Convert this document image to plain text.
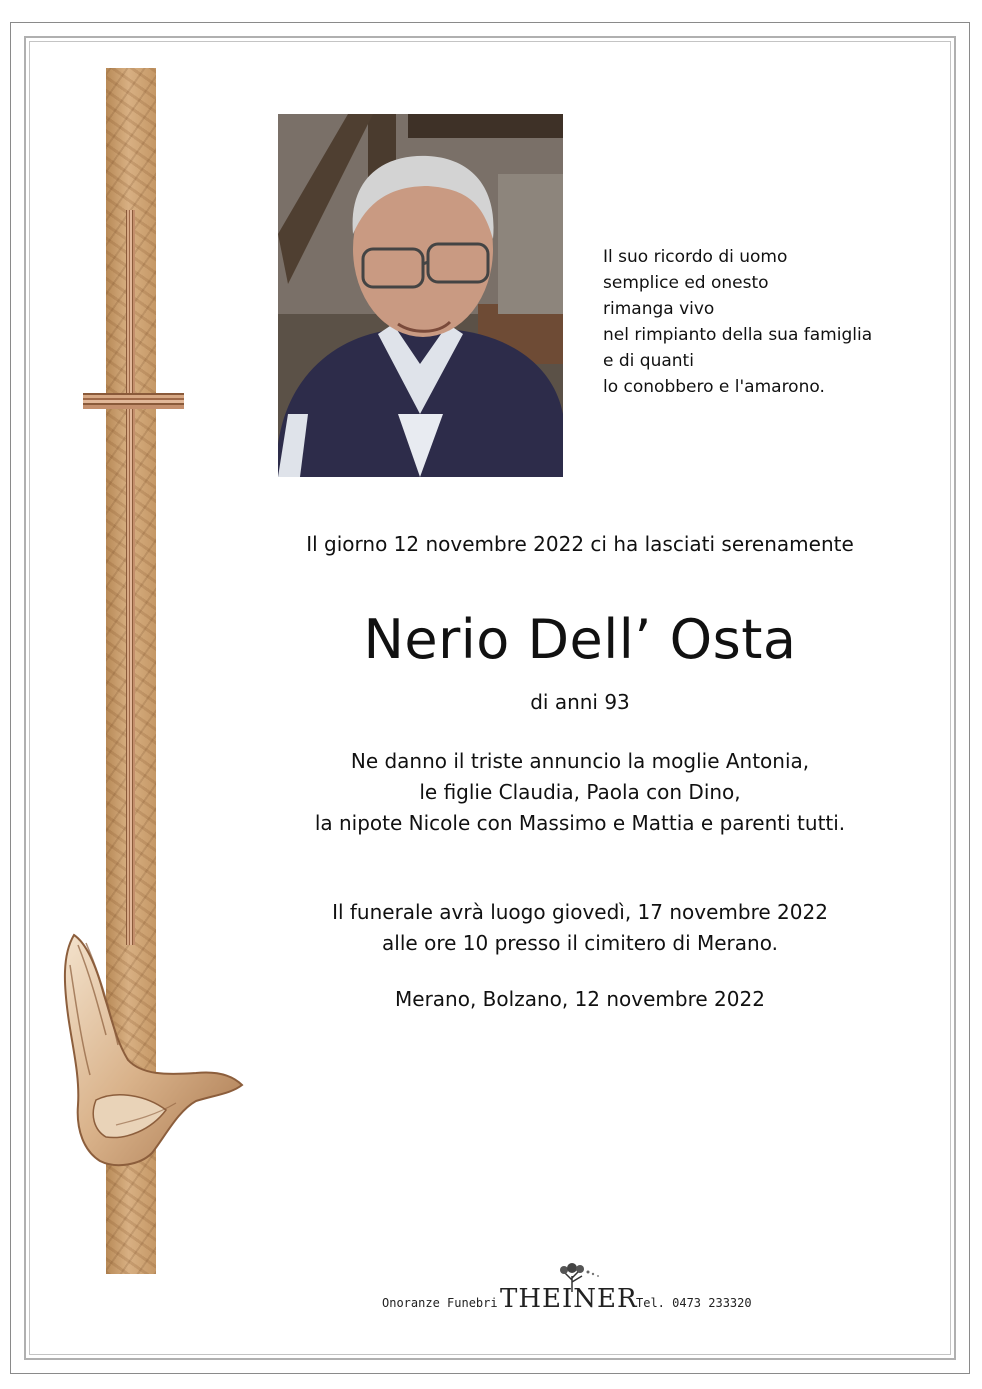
Il suo ricordo di uomo
semplice ed onesto
rimanga vivo
nel rimpianto della sua famiglia
e di quanti
lo conobbero e l'amarono.
Il giorno 12 novembre 2022 ci ha lasciati serenamente
Nerio Dell’ Osta
di anni 93
Ne danno il triste annuncio la moglie Antonia,
le figlie Claudia, Paola con Dino,
la nipote Nicole con Massimo e Mattia e parenti tutti.
Il funerale avrà luogo giovedì, 17 novembre 2022
alle ore 10 presso il cimitero di Merano.
Merano, Bolzano, 12 novembre 2022
Onoranze Funebri THEINER
Tel. 0473 233320
